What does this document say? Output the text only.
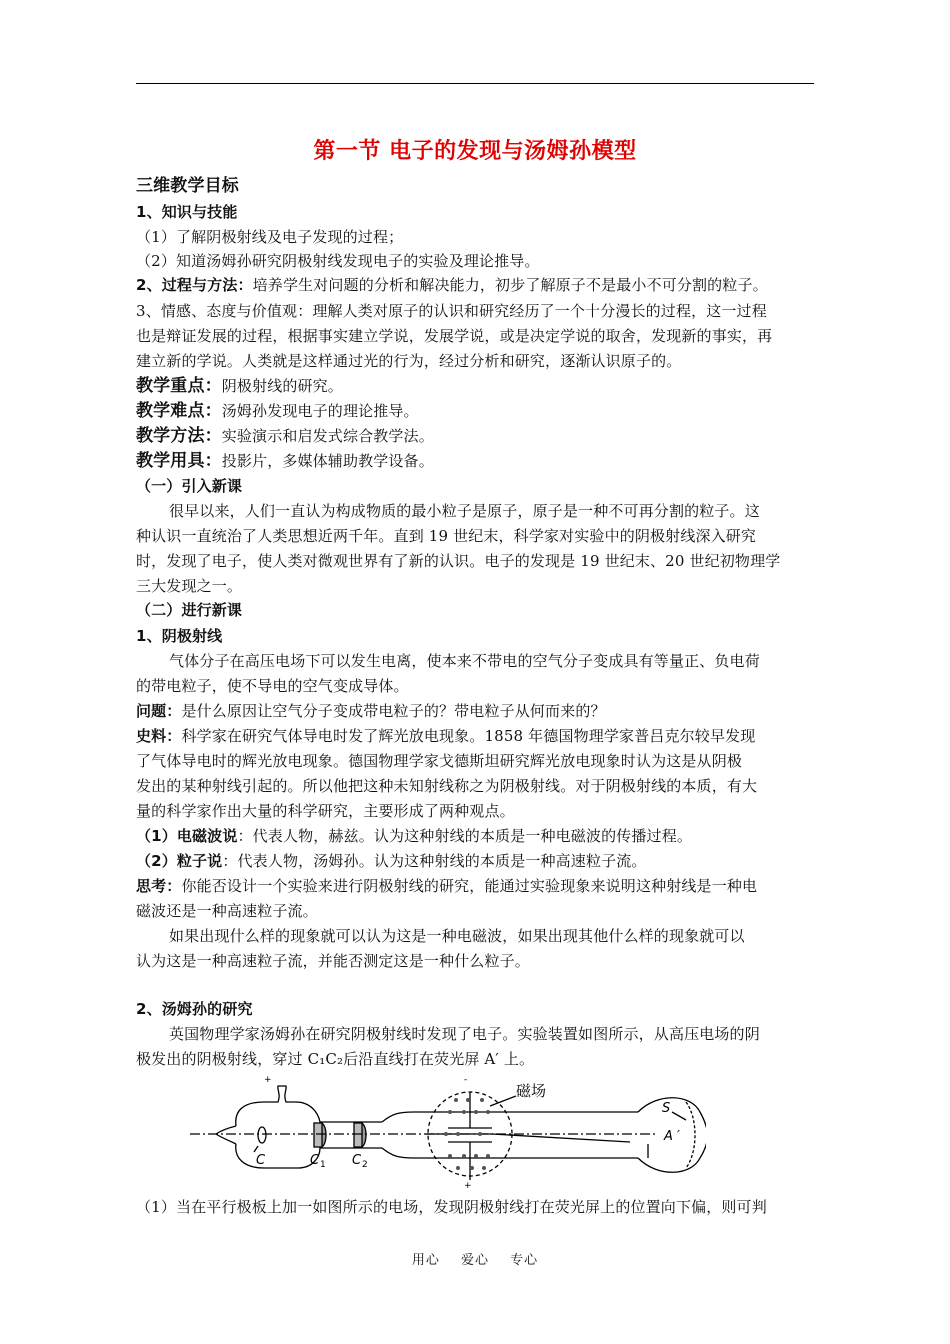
第一节 电子的发现与汤姆孙模型
三维教学目标
1、知识与技能
（1）了解阴极射线及电子发现的过程；
（2）知道汤姆孙研究阴极射线发现电子的实验及理论推导。
2、过程与方法：培养学生对问题的分析和解决能力，初步了解原子不是最小不可分割的粒子。
3、情感、态度与价值观：理解人类对原子的认识和研究经历了一个十分漫长的过程，这一过程
也是辩证发展的过程，根据事实建立学说，发展学说，或是决定学说的取舍，发现新的事实，再
建立新的学说。人类就是这样通过光的行为，经过分析和研究，逐渐认识原子的。
教学重点：阴极射线的研究。
教学难点：汤姆孙发现电子的理论推导。
教学方法：实验演示和启发式综合教学法。
教学用具：投影片，多媒体辅助教学设备。
（一）引入新课
很早以来，人们一直认为构成物质的最小粒子是原子，原子是一种不可再分割的粒子。这
种认识一直统治了人类思想近两千年。直到 19 世纪末，科学家对实验中的阴极射线深入研究
时，发现了电子，使人类对微观世界有了新的认识。电子的发现是 19 世纪末、20 世纪初物理学
三大发现之一。
（二）进行新课
1、阴极射线
气体分子在高压电场下可以发生电离，使本来不带电的空气分子变成具有等量正、负电荷
的带电粒子，使不导电的空气变成导体。
问题：是什么原因让空气分子变成带电粒子的？带电粒子从何而来的？
史料：科学家在研究气体导电时发了辉光放电现象。1858 年德国物理学家普吕克尔较早发现
了气体导电时的辉光放电现象。德国物理学家戈德斯坦研究辉光放电现象时认为这是从阴极
发出的某种射线引起的。所以他把这种未知射线称之为阴极射线。对于阴极射线的本质，有大
量的科学家作出大量的科学研究，主要形成了两种观点。
（1）电磁波说：代表人物，赫兹。认为这种射线的本质是一种电磁波的传播过程。
（2）粒子说：代表人物，汤姆孙。认为这种射线的本质是一种高速粒子流。
思考：你能否设计一个实验来进行阴极射线的研究，能通过实验现象来说明这种射线是一种电
磁波还是一种高速粒子流。
如果出现什么样的现象就可以认为这是一种电磁波，如果出现其他什么样的现象就可以
认为这是一种高速粒子流，并能否测定这是一种什么粒子。
2、汤姆孙的研究
英国物理学家汤姆孙在研究阴极射线时发现了电子。实验装置如图所示，从高压电场的阴
极发出的阴极射线，穿过 C₁C₂后沿直线打在荧光屏 A′ 上。
磁场
S
A ′
C	C 1 C 2
+	-
+
（1）当在平行极板上加一如图所示的电场，发现阴极射线打在荧光屏上的位置向下偏，则可判
用心 爱心 专心
